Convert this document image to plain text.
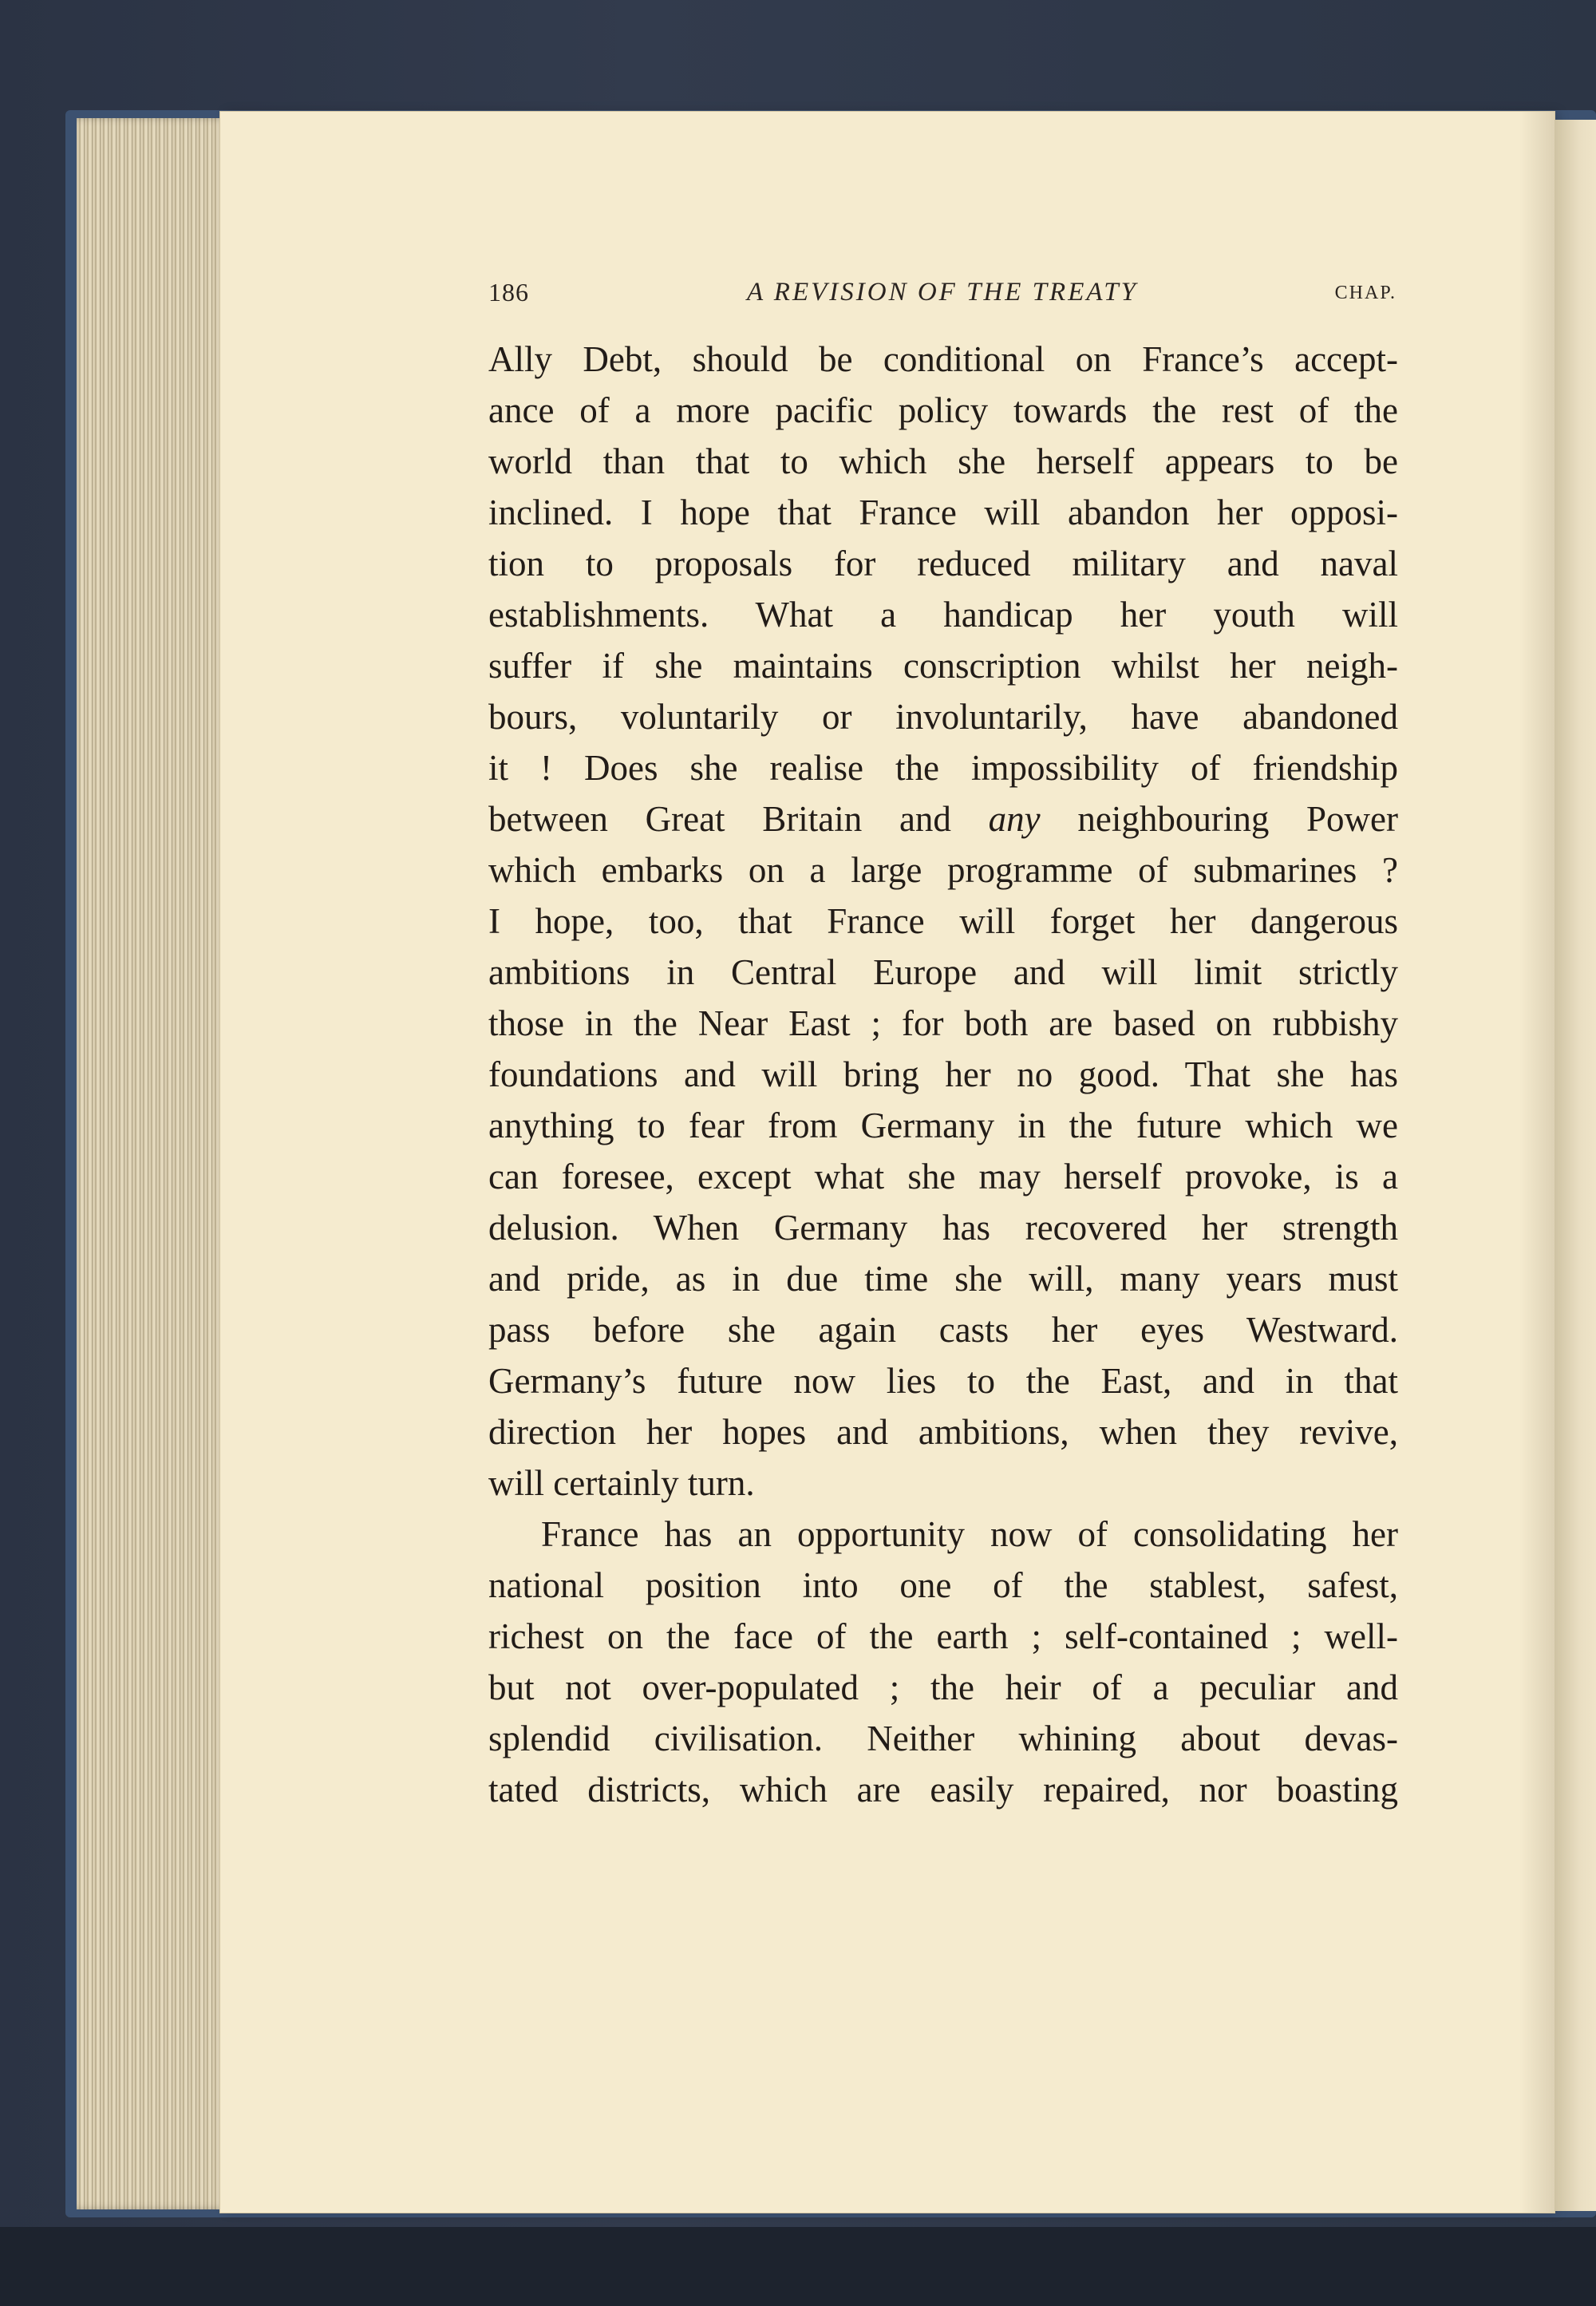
186	A REVISION OF THE TREATY	CHAP.
Ally Debt, should be conditional on France’s accept-
ance of a more pacific policy towards the rest of the
world than that to which she herself appears to be
inclined. I hope that France will abandon her opposi-
tion to proposals for reduced military and naval
establishments. What a handicap her youth will
suffer if she maintains conscription whilst her neigh-
bours, voluntarily or involuntarily, have abandoned
it ! Does she realise the impossibility of friendship
between Great Britain and any neighbouring Power
which embarks on a large programme of submarines ?
I hope, too, that France will forget her dangerous
ambitions in Central Europe and will limit strictly
those in the Near East ; for both are based on rubbishy
foundations and will bring her no good. That she has
anything to fear from Germany in the future which we
can foresee, except what she may herself provoke, is a
delusion. When Germany has recovered her strength
and pride, as in due time she will, many years must
pass before she again casts her eyes Westward.
Germany’s future now lies to the East, and in that
direction her hopes and ambitions, when they revive,
will certainly turn.
France has an opportunity now of consolidating her
national position into one of the stablest, safest,
richest on the face of the earth ; self-contained ; well-
but not over-populated ; the heir of a peculiar and
splendid civilisation. Neither whining about devas-
tated districts, which are easily repaired, nor boasting
